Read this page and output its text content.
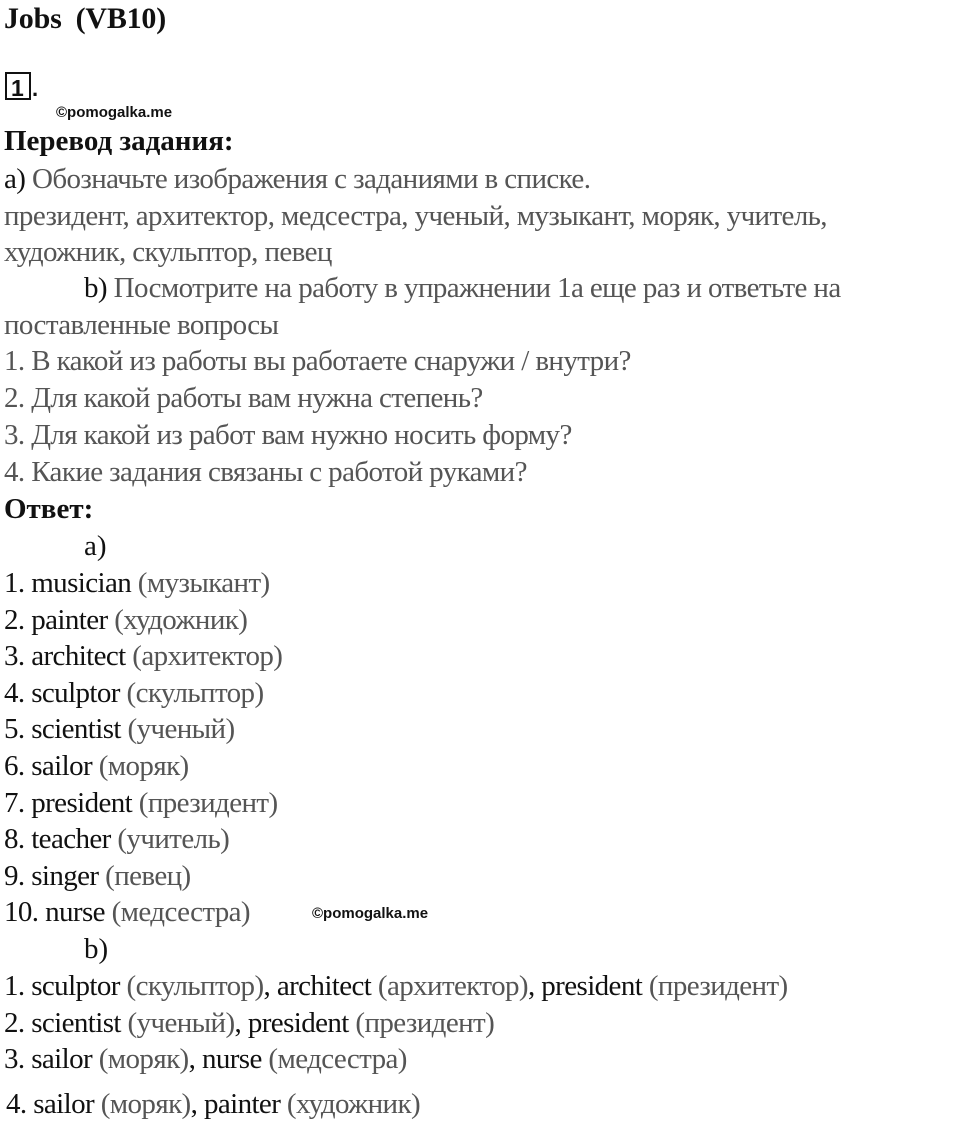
Jobs (VB10)
1 .
©pomogalka.me
Перевод задания:
a) Обозначьте изображения с заданиями в списке.
президент, архитектор, медсестра, ученый, музыкант, моряк, учитель,
художник, скульптор, певец
b) Посмотрите на работу в упражнении 1а еще раз и ответьте на
поставленные вопросы
1. В какой из работы вы работаете снаружи / внутри?
2. Для какой работы вам нужна степень?
3. Для какой из работ вам нужно носить форму?
4. Какие задания связаны с работой руками?
Ответ:
a)
1. musician (музыкант)
2. painter (художник)
3. architect (архитектор)
4. sculptor (скульптор)
5. scientist (ученый)
6. sailor (моряк)
7. president (президент)
8. teacher (учитель)
9. singer (певец)
10. nurse (медсестра)	©pomogalka.me
b)
1. sculptor (скульптор), architect (архитектор), president (президент)
2. scientist (ученый), president (президент)
3. sailor (моряк), nurse (медсестра)
4. sailor (моряк), painter (художник)
